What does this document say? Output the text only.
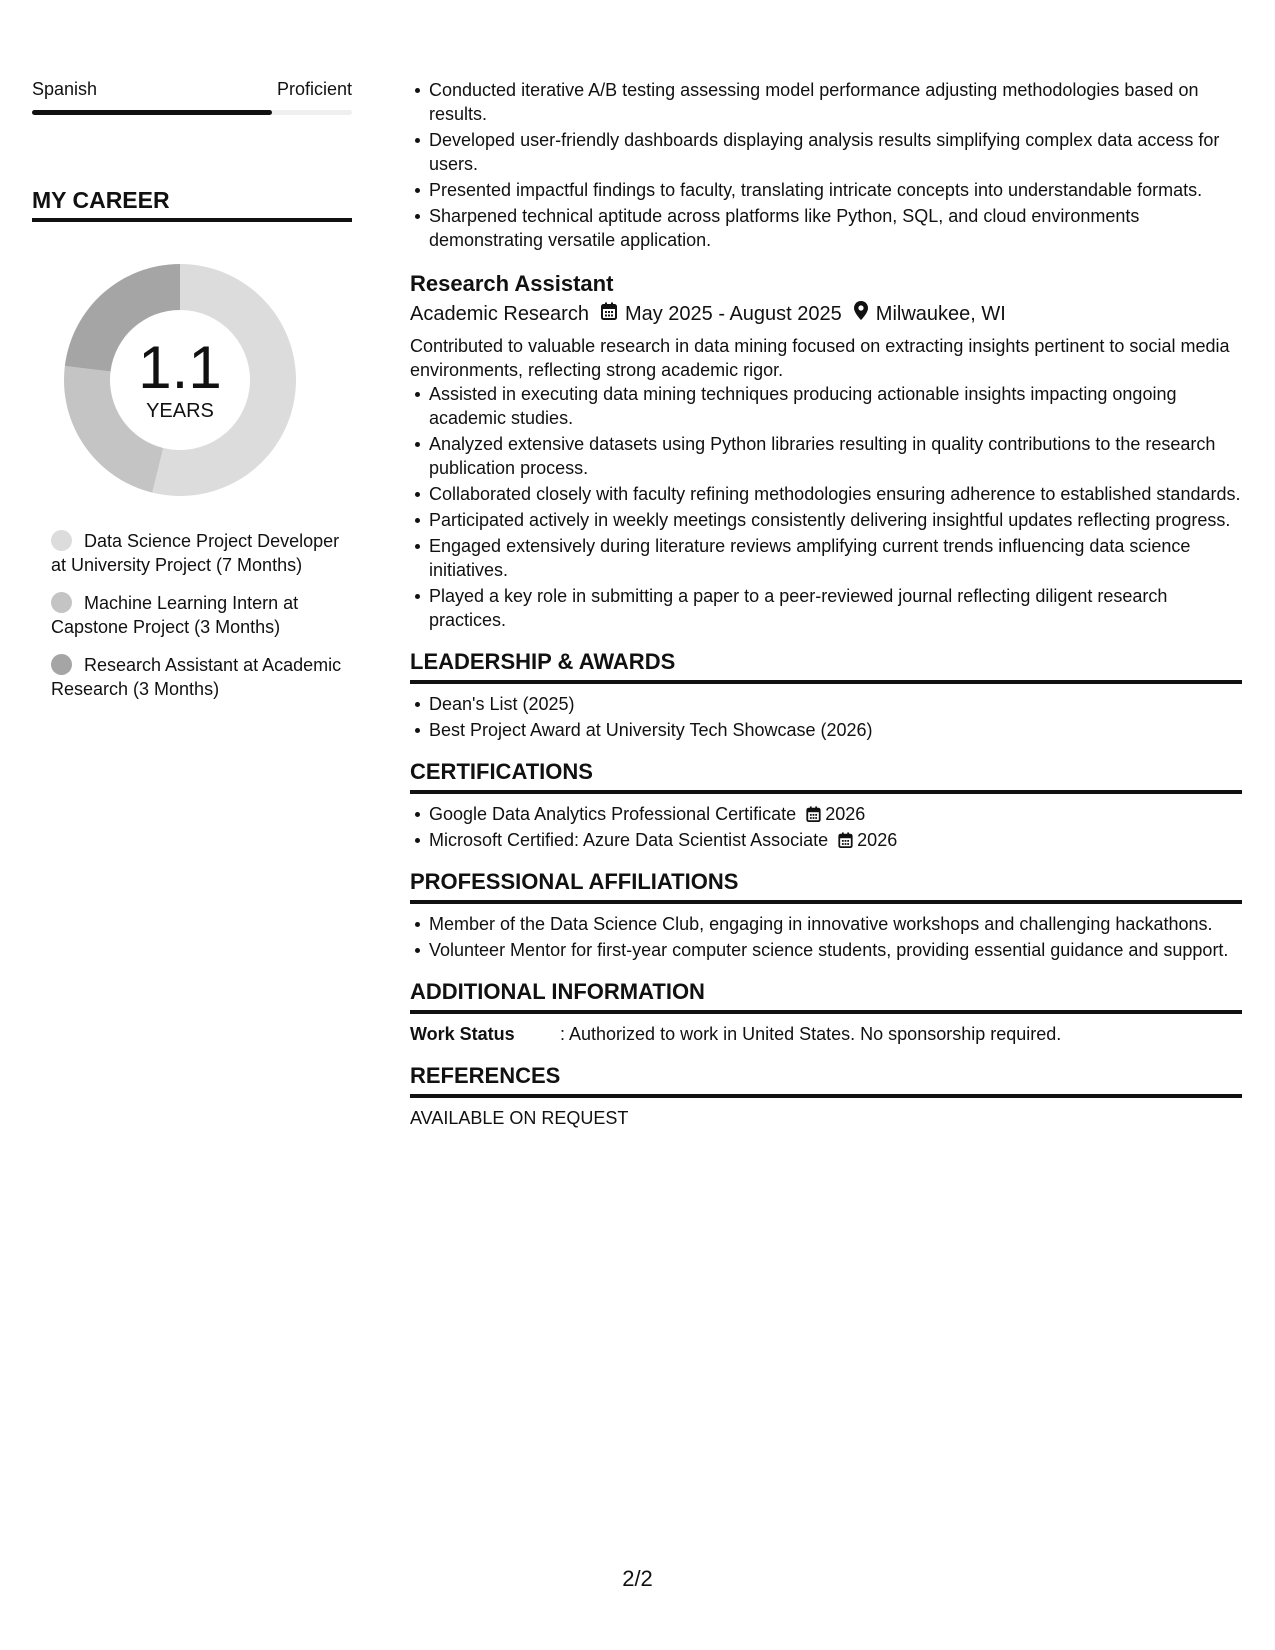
Spanish	Proficient
MY CAREER
1.1
YEARS
Data Science Project Developer at University Project (7 Months)
Machine Learning Intern at Capstone Project (3 Months)
Research Assistant at Academic Research (3 Months)
Conducted iterative A/B testing assessing model performance adjusting methodologies based on results.
Developed user-friendly dashboards displaying analysis results simplifying complex data access for users.
Presented impactful findings to faculty, translating intricate concepts into understandable formats.
Sharpened technical aptitude across platforms like Python, SQL, and cloud environments demonstrating versatile application.
Research Assistant
Academic Research May 2025 - August 2025 Milwaukee, WI
Contributed to valuable research in data mining focused on extracting insights pertinent to social media environments, reflecting strong academic rigor.
Assisted in executing data mining techniques producing actionable insights impacting ongoing academic studies.
Analyzed extensive datasets using Python libraries resulting in quality contributions to the research publication process.
Collaborated closely with faculty refining methodologies ensuring adherence to established standards.
Participated actively in weekly meetings consistently delivering insightful updates reflecting progress.
Engaged extensively during literature reviews amplifying current trends influencing data science initiatives.
Played a key role in submitting a paper to a peer-reviewed journal reflecting diligent research practices.
LEADERSHIP & AWARDS
Dean's List (2025)
Best Project Award at University Tech Showcase (2026)
CERTIFICATIONS
Google Data Analytics Professional Certificate 2026
Microsoft Certified: Azure Data Scientist Associate 2026
PROFESSIONAL AFFILIATIONS
Member of the Data Science Club, engaging in innovative workshops and challenging hackathons.
Volunteer Mentor for first-year computer science students, providing essential guidance and support.
ADDITIONAL INFORMATION
Work Status	: Authorized to work in United States. No sponsorship required.
REFERENCES
AVAILABLE ON REQUEST
2/2
